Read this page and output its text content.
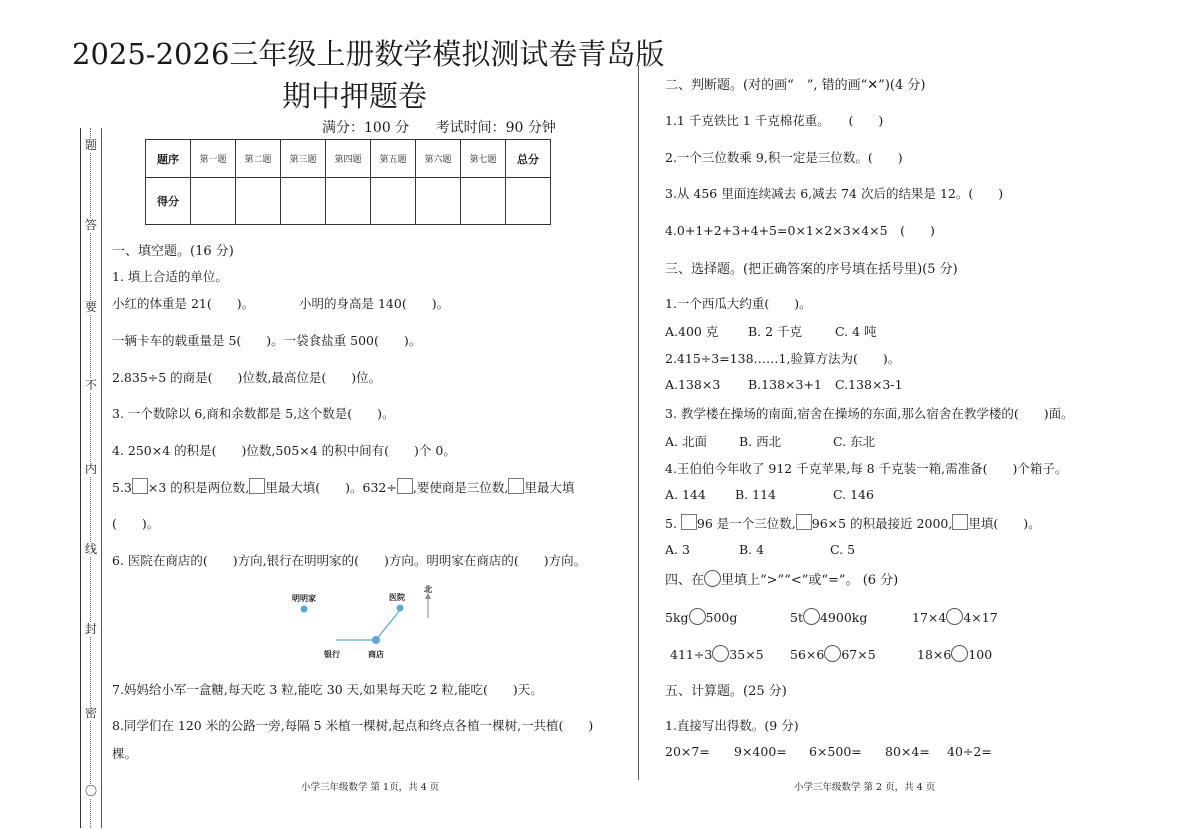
2025-2026三年级上册数学模拟测试卷青岛版
期中押题卷
满分：100 分 考试时间：90 分钟
题
答
要
不
内
线
封
密
〇
题序	第一题	第二题	第三题	第四题	第五题	第六题	第七题	总分
得分								
一、填空题。(16 分)
1. 填上合适的单位。
小红的体重是 21(　　)。	小明的身高是 140(　　)。
一辆卡车的载重量是 5(　　)。一袋食盐重 500(　　)。
2.835÷5 的商是(　　)位数,最高位是(　　)位。
3. 一个数除以 6,商和余数都是 5,这个数是(　　)。
4. 250×4 的积是(　　)位数,505×4 的积中间有(　　)个 0。
5.3 ×3 的积是两位数, 里最大填(　　)。632÷ ,要使商是三位数, 里最大填
(　　)。
6. 医院在商店的(　　)方向,银行在明明家的(　　)方向。明明家在商店的(　　)方向。
明明家	医院
北
银行	商店
7.妈妈给小军一盒糖,每天吃 3 粒,能吃 30 天,如果每天吃 2 粒,能吃(　　)天。
8.同学们在 120 米的公路一旁,每隔 5 米植一棵树,起点和终点各植一棵树,一共植(　　)
棵。
小学三年级数学 第 1页，共 4 页
二、判断题。(对的画“　”, 错的画“✕”)(4 分)
1.1 千克铁比 1 千克棉花重。　　(　　)
2.一个三位数乘 9,积一定是三位数。(　　)
3.从 456 里面连续减去 6,减去 74 次后的结果是 12。(　　)
4.0+1+2+3+4+5=0×1×2×3×4×5　(　　)
三、选择题。(把正确答案的序号填在括号里)(5 分)
1.一个西瓜大约重(　　)。
A.400 克 B. 2 千克	C. 4 吨
2.415÷3=138……1,验算方法为(　　)。
A.138×3 B.138×3+1 C.138×3-1
3. 教学楼在操场的南面,宿舍在操场的东面,那么宿舍在教学楼的(　　)面。
A. 北面	B. 西北	C. 东北
4.王伯伯今年收了 912 千克苹果,每 8 千克装一箱,需准备(　　)个箱子。
A. 144 B. 114	C. 146
5. 96 是一个三位数, 96×5 的积最接近 2000, 里填(　　)。
A. 3	B. 4	C. 5
四、在 里填上“>”“<”或“=”。 (6 分)
5kg 500g	5t 4900kg	17×4 4×17
411÷3 35×5 56×6 67×5	18×6 100
五、计算题。(25 分)
1.直接写出得数。(9 分)
20×7= 9×400= 6×500= 80×4= 40÷2=
小学三年级数学 第 2 页，共 4 页
